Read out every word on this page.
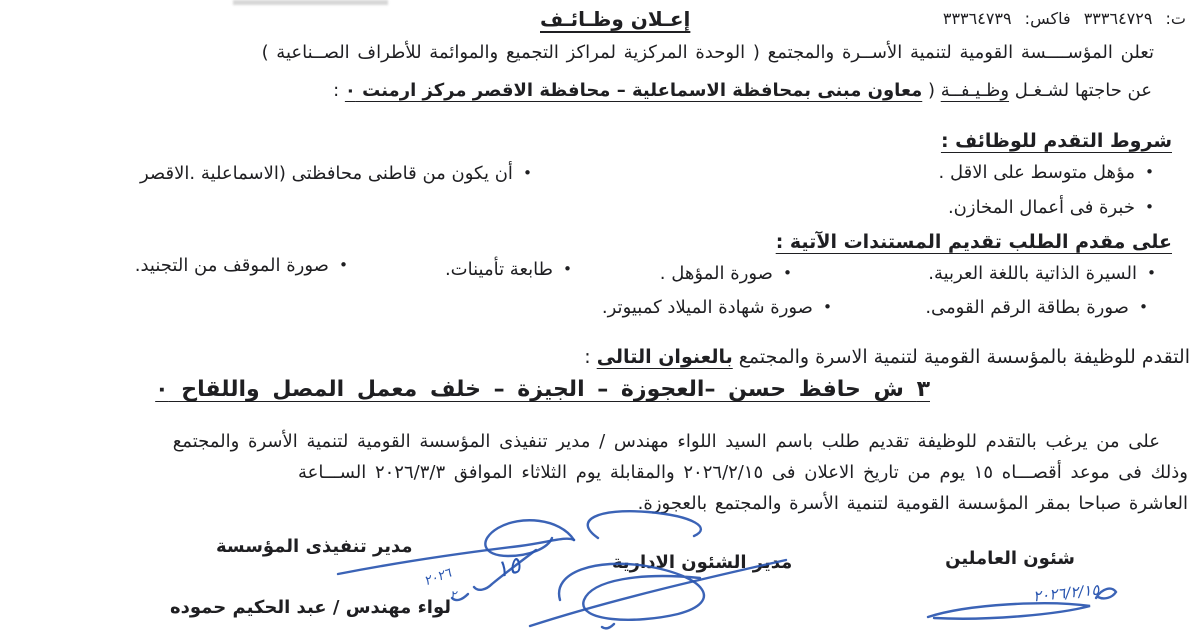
ت: ٣٣٣٦٤٧٢٩ فاكس: ٣٣٣٦٤٧٣٩
إعـلان وظـائـف
تعلن المؤســــسة القومية لتنمية الأســرة والمجتمع ( الوحدة المركزية لمراكز التجميع والموائمة للأطراف الصــناعية )
عن حاجتها لشـغـل وظـيـفــة ( معاون مبنى بمحافظة الاسماعلية – محافظة الاقصر مركز ارمنت ٠ :
شروط التقدم للوظائف :
•مؤهل متوسط على الاقل .
•أن يكون من قاطنى محافظتى (الاسماعلية .الاقصر
•خبرة فى أعمال المخازن.
على مقدم الطلب تقديم المستندات الآتية :
•السيرة الذاتية باللغة العربية.
•صورة المؤهل .
•طابعة تأمينات.
•صورة الموقف من التجنيد.
•صورة بطاقة الرقم القومى.
•صورة شهادة الميلاد كمبيوتر.
التقدم للوظيفة بالمؤسسة القومية لتنمية الاسرة والمجتمع بالعنوان التالى :
٣ ش حافظ حسن –العجوزة – الجيزة – خلف معمل المصل واللقاح ٠
على من يرغب بالتقدم للوظيفة تقديم طلب باسم السيد اللواء مهندس / مدير تنفيذى المؤسسة القومية لتنمية الأسرة والمجتمع
وذلك فى موعد أقصـــاه ١٥ يوم من تاريخ الاعلان فى ٢٠٢٦/٢/١٥ والمقابلة يوم الثلاثاء الموافق ٢٠٢٦/٣/٣ الســـاعة
العاشرة صباحا بمقر المؤسسة القومية لتنمية الأسرة والمجتمع بالعجوزة.
شئون العاملين
مدير الشئون الادارية
مدير تنفيذى المؤسسة
لواء مهندس / عبد الحكيم حموده
٢٠٢٦/٢/١٥
١٥
٢٠٢٦
٢
